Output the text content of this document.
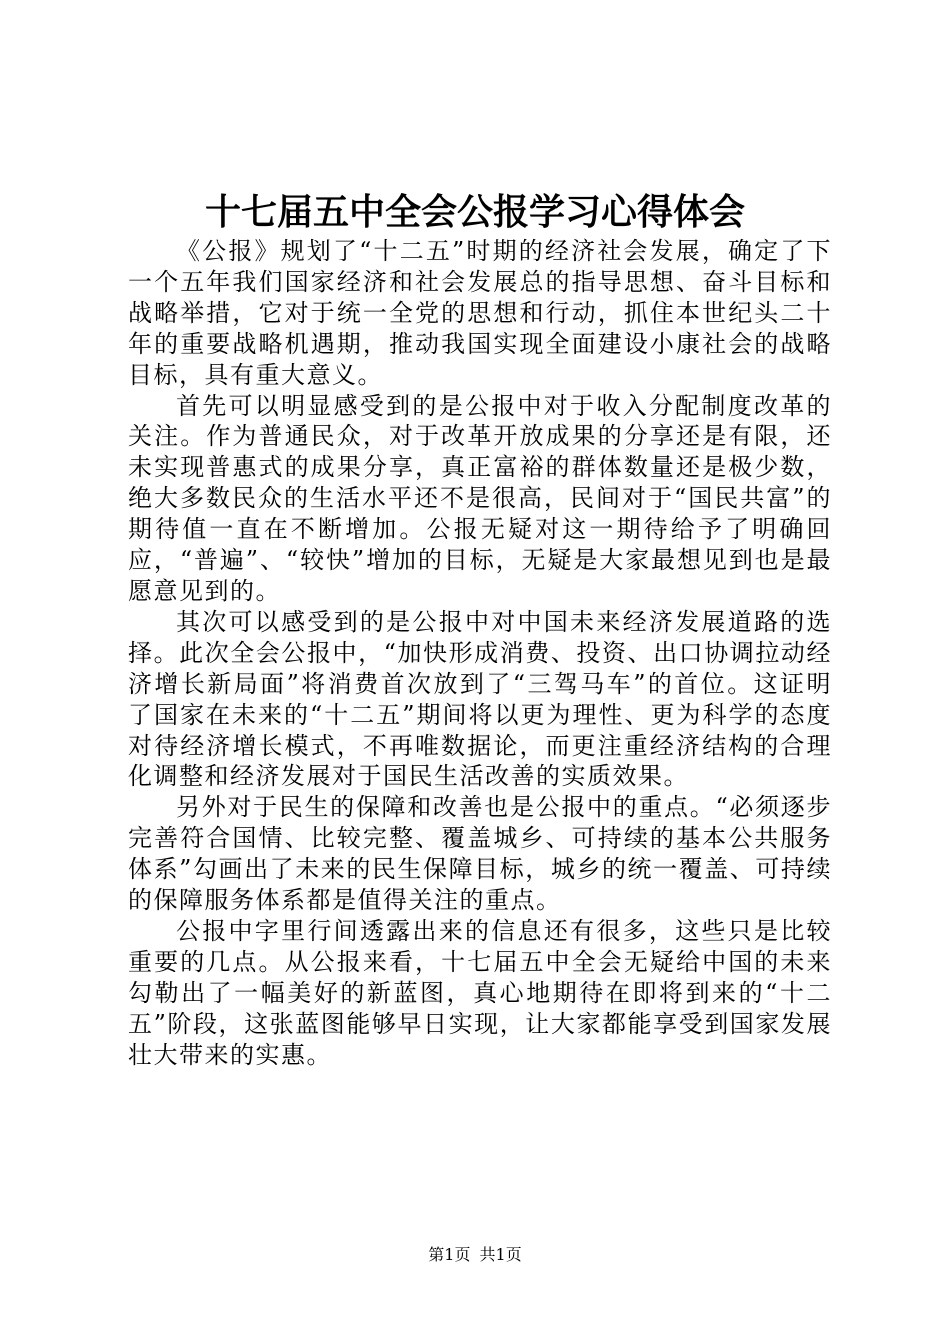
十七届五中全会公报学习心得体会

《公报》规划了“十二五”时期的经济社会发展，确定了下一个五年我们国家经济和社会发展总的指导思想、奋斗目标和战略举措，它对于统一全党的思想和行动，抓住本世纪头二十年的重要战略机遇期，推动我国实现全面建设小康社会的战略目标，具有重大意义。

首先可以明显感受到的是公报中对于收入分配制度改革的关注。作为普通民众，对于改革开放成果的分享还是有限，还未实现普惠式的成果分享，真正富裕的群体数量还是极少数，绝大多数民众的生活水平还不是很高，民间对于“国民共富”的期待值一直在不断增加。公报无疑对这一期待给予了明确回应，“普遍”、“较快”增加的目标，无疑是大家最想见到也是最愿意见到的。

其次可以感受到的是公报中对中国未来经济发展道路的选择。此次全会公报中，“加快形成消费、投资、出口协调拉动经济增长新局面”将消费首次放到了“三驾马车”的首位。这证明了国家在未来的“十二五”期间将以更为理性、更为科学的态度对待经济增长模式，不再唯数据论，而更注重经济结构的合理化调整和经济发展对于国民生活改善的实质效果。

另外对于民生的保障和改善也是公报中的重点。“必须逐步完善符合国情、比较完整、覆盖城乡、可持续的基本公共服务体系”勾画出了未来的民生保障目标，城乡的统一覆盖、可持续的保障服务体系都是值得关注的重点。

公报中字里行间透露出来的信息还有很多，这些只是比较重要的几点。从公报来看，十七届五中全会无疑给中国的未来勾勒出了一幅美好的新蓝图，真心地期待在即将到来的“十二五”阶段，这张蓝图能够早日实现，让大家都能享受到国家发展壮大带来的实惠。

第1页 共1页
